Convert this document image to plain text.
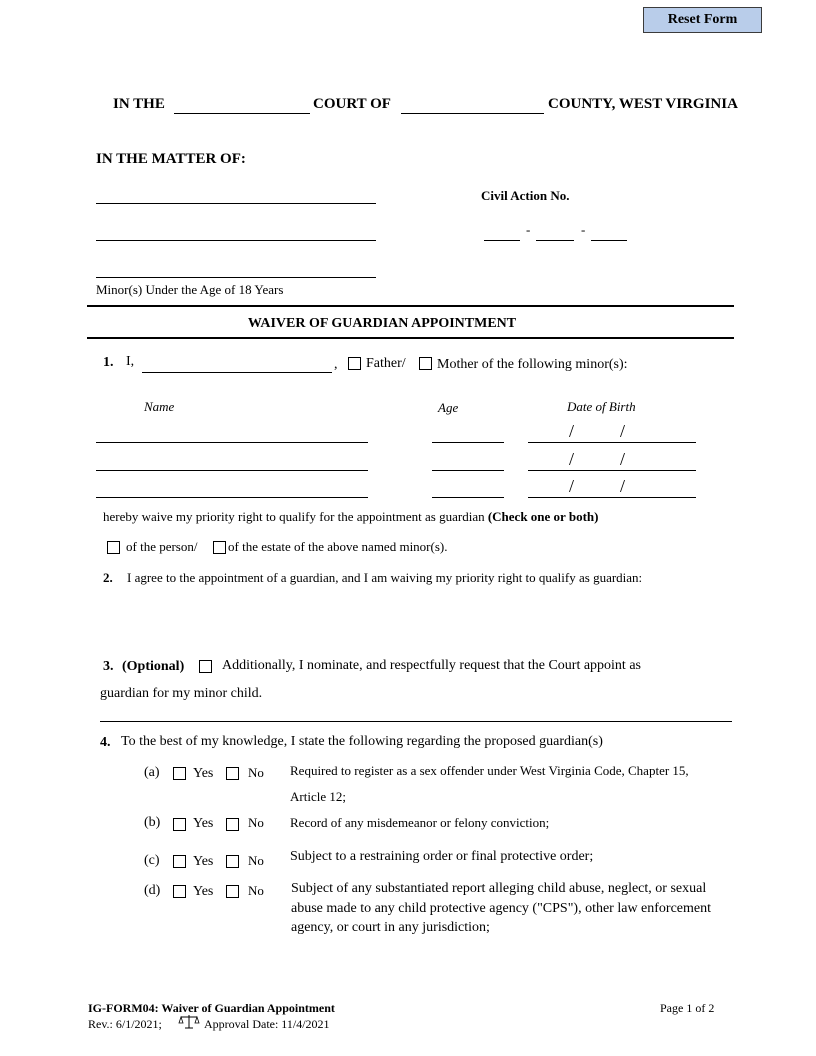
Reset Form
IN THE	COURT OF	COUNTY, WEST VIRGINIA
IN THE MATTER OF:
Minor(s) Under the Age of 18 Years
Civil Action No.
-	-
WAIVER OF GUARDIAN APPOINTMENT
1. I,	, Father/ Mother of the following minor(s):
Name	Age	Date of Birth
/	/
/	/
/	/
hereby waive my priority right to qualify for the appointment as guardian (Check one or both)
of the person/ of the estate of the above named minor(s).
2. I agree to the appointment of a guardian, and I am waiving my priority right to qualify as guardian:
3. (Optional)	Additionally, I nominate, and respectfully request that the Court appoint as
guardian for my minor child.
4. To the best of my knowledge, I state the following regarding the proposed guardian(s)
(a) Yes	No Required to register as a sex offender under West Virginia Code, Chapter 15,
Article 12;
(b) Yes	No Record of any misdemeanor or felony conviction;
(c) Yes	No Subject to a restraining order or final protective order;
(d) Yes	No Subject of any substantiated report alleging child abuse, neglect, or sexual
abuse made to any child protective agency ("CPS"), other law enforcement
agency, or court in any jurisdiction;
IG-FORM04: Waiver of Guardian Appointment
Rev.: 6/1/2021;	Approval Date: 11/4/2021
Page 1 of 2
